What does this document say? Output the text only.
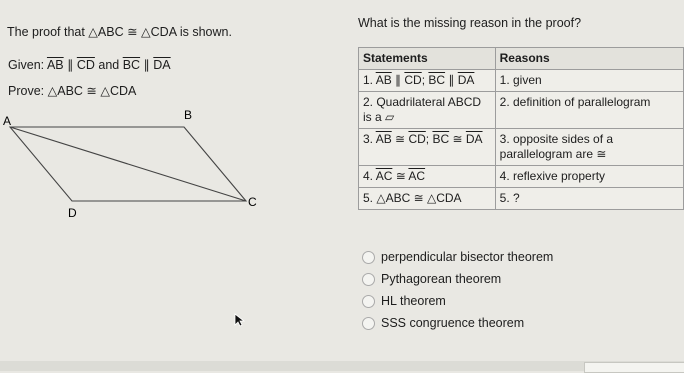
The proof that △ABC ≅ △CDA is shown.
What is the missing reason in the proof?
Given: $\overline{AB}$ ∥ $\overline{CD}$ and $\overline{BC}$ ∥ $\overline{DA}$
Prove: △ABC ≅ △CDA
A	B
C
D
Statements	Reasons
1. $\overline{AB}$ ∥ $\overline{CD}$; $\overline{BC}$ ∥ $\overline{DA}$	1. given
2. Quadrilateral ABCD is a ▱	2. definition of parallelogram
3. $\overline{AB}$ ≅ $\overline{CD}$; $\overline{BC}$ ≅ $\overline{DA}$	3. opposite sides of a parallelogram are ≅
4. $\overline{AC}$ ≅ $\overline{AC}$	4. reflexive property
5. △ABC ≅ △CDA	5. ?
perpendicular bisector theorem
Pythagorean theorem
HL theorem
SSS congruence theorem
